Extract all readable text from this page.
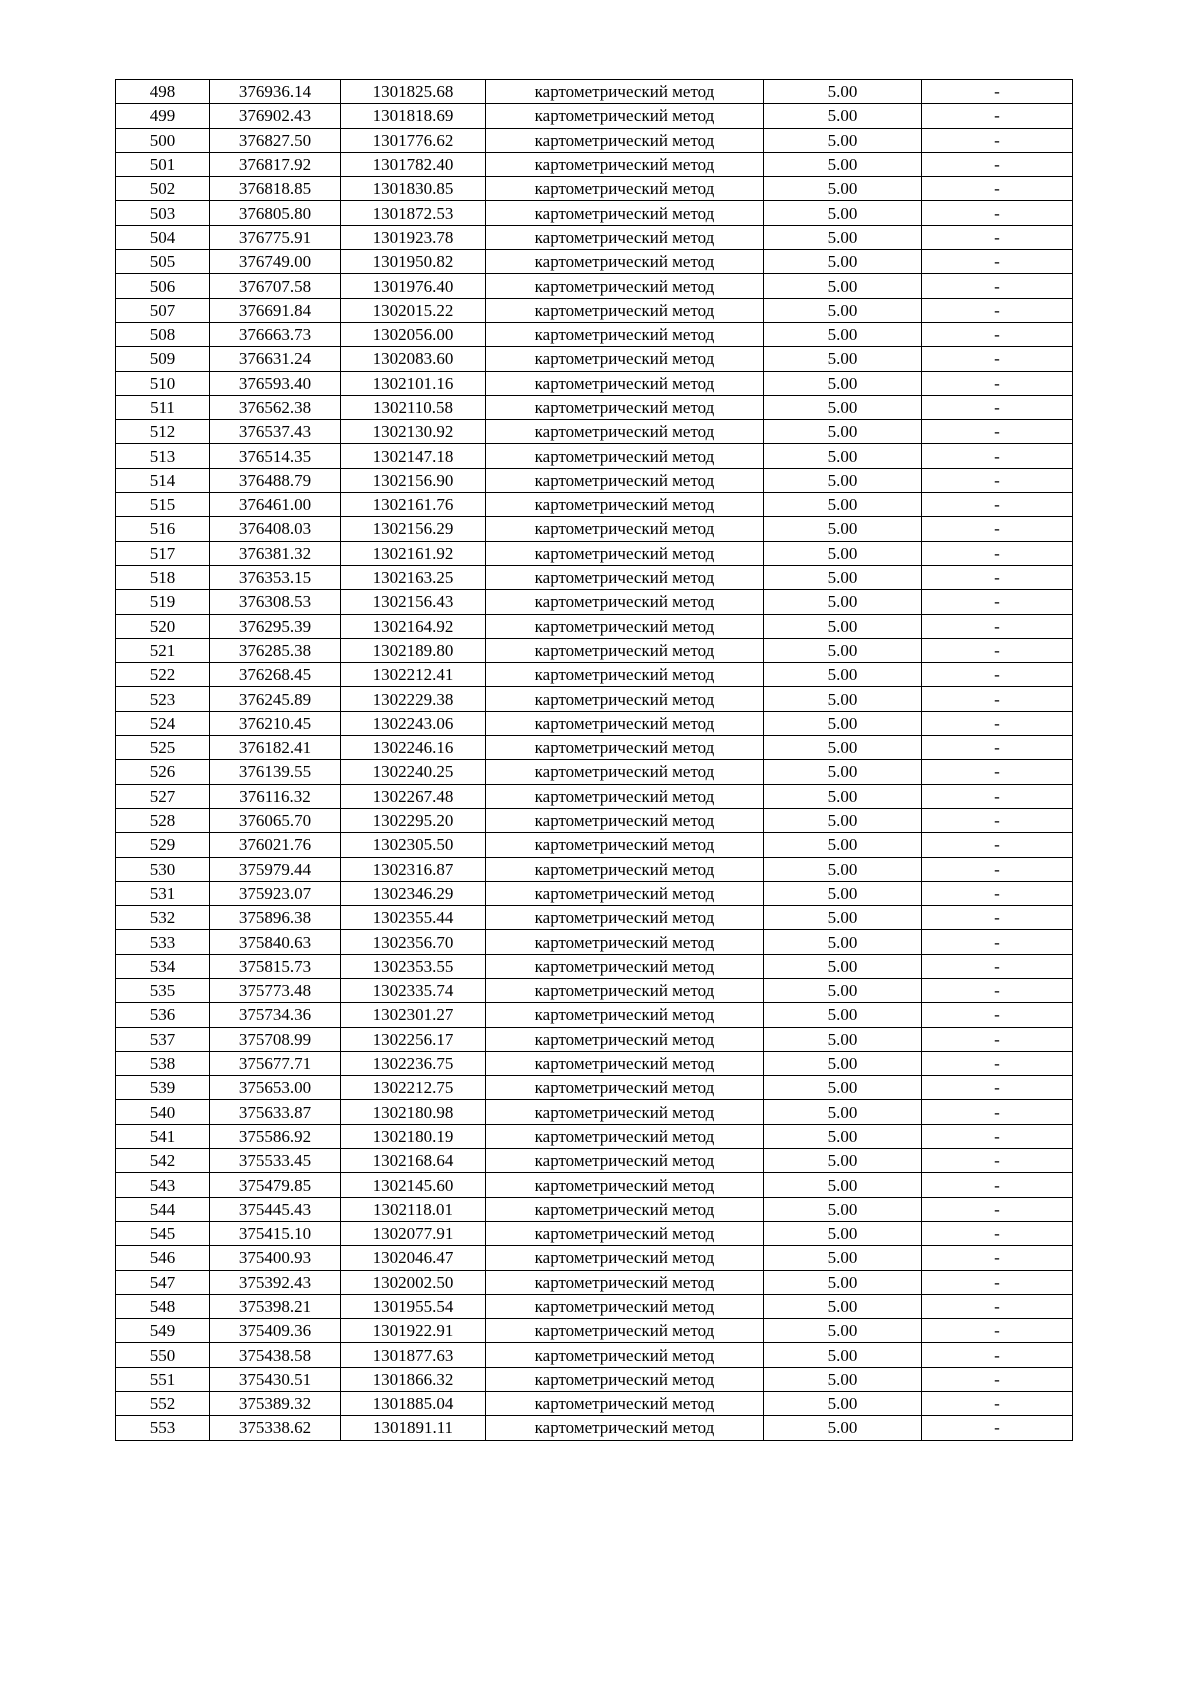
498	376936.14	1301825.68	картометрический метод	5.00	-
499	376902.43	1301818.69	картометрический метод	5.00	-
500	376827.50	1301776.62	картометрический метод	5.00	-
501	376817.92	1301782.40	картометрический метод	5.00	-
502	376818.85	1301830.85	картометрический метод	5.00	-
503	376805.80	1301872.53	картометрический метод	5.00	-
504	376775.91	1301923.78	картометрический метод	5.00	-
505	376749.00	1301950.82	картометрический метод	5.00	-
506	376707.58	1301976.40	картометрический метод	5.00	-
507	376691.84	1302015.22	картометрический метод	5.00	-
508	376663.73	1302056.00	картометрический метод	5.00	-
509	376631.24	1302083.60	картометрический метод	5.00	-
510	376593.40	1302101.16	картометрический метод	5.00	-
511	376562.38	1302110.58	картометрический метод	5.00	-
512	376537.43	1302130.92	картометрический метод	5.00	-
513	376514.35	1302147.18	картометрический метод	5.00	-
514	376488.79	1302156.90	картометрический метод	5.00	-
515	376461.00	1302161.76	картометрический метод	5.00	-
516	376408.03	1302156.29	картометрический метод	5.00	-
517	376381.32	1302161.92	картометрический метод	5.00	-
518	376353.15	1302163.25	картометрический метод	5.00	-
519	376308.53	1302156.43	картометрический метод	5.00	-
520	376295.39	1302164.92	картометрический метод	5.00	-
521	376285.38	1302189.80	картометрический метод	5.00	-
522	376268.45	1302212.41	картометрический метод	5.00	-
523	376245.89	1302229.38	картометрический метод	5.00	-
524	376210.45	1302243.06	картометрический метод	5.00	-
525	376182.41	1302246.16	картометрический метод	5.00	-
526	376139.55	1302240.25	картометрический метод	5.00	-
527	376116.32	1302267.48	картометрический метод	5.00	-
528	376065.70	1302295.20	картометрический метод	5.00	-
529	376021.76	1302305.50	картометрический метод	5.00	-
530	375979.44	1302316.87	картометрический метод	5.00	-
531	375923.07	1302346.29	картометрический метод	5.00	-
532	375896.38	1302355.44	картометрический метод	5.00	-
533	375840.63	1302356.70	картометрический метод	5.00	-
534	375815.73	1302353.55	картометрический метод	5.00	-
535	375773.48	1302335.74	картометрический метод	5.00	-
536	375734.36	1302301.27	картометрический метод	5.00	-
537	375708.99	1302256.17	картометрический метод	5.00	-
538	375677.71	1302236.75	картометрический метод	5.00	-
539	375653.00	1302212.75	картометрический метод	5.00	-
540	375633.87	1302180.98	картометрический метод	5.00	-
541	375586.92	1302180.19	картометрический метод	5.00	-
542	375533.45	1302168.64	картометрический метод	5.00	-
543	375479.85	1302145.60	картометрический метод	5.00	-
544	375445.43	1302118.01	картометрический метод	5.00	-
545	375415.10	1302077.91	картометрический метод	5.00	-
546	375400.93	1302046.47	картометрический метод	5.00	-
547	375392.43	1302002.50	картометрический метод	5.00	-
548	375398.21	1301955.54	картометрический метод	5.00	-
549	375409.36	1301922.91	картометрический метод	5.00	-
550	375438.58	1301877.63	картометрический метод	5.00	-
551	375430.51	1301866.32	картометрический метод	5.00	-
552	375389.32	1301885.04	картометрический метод	5.00	-
553	375338.62	1301891.11	картометрический метод	5.00	-
